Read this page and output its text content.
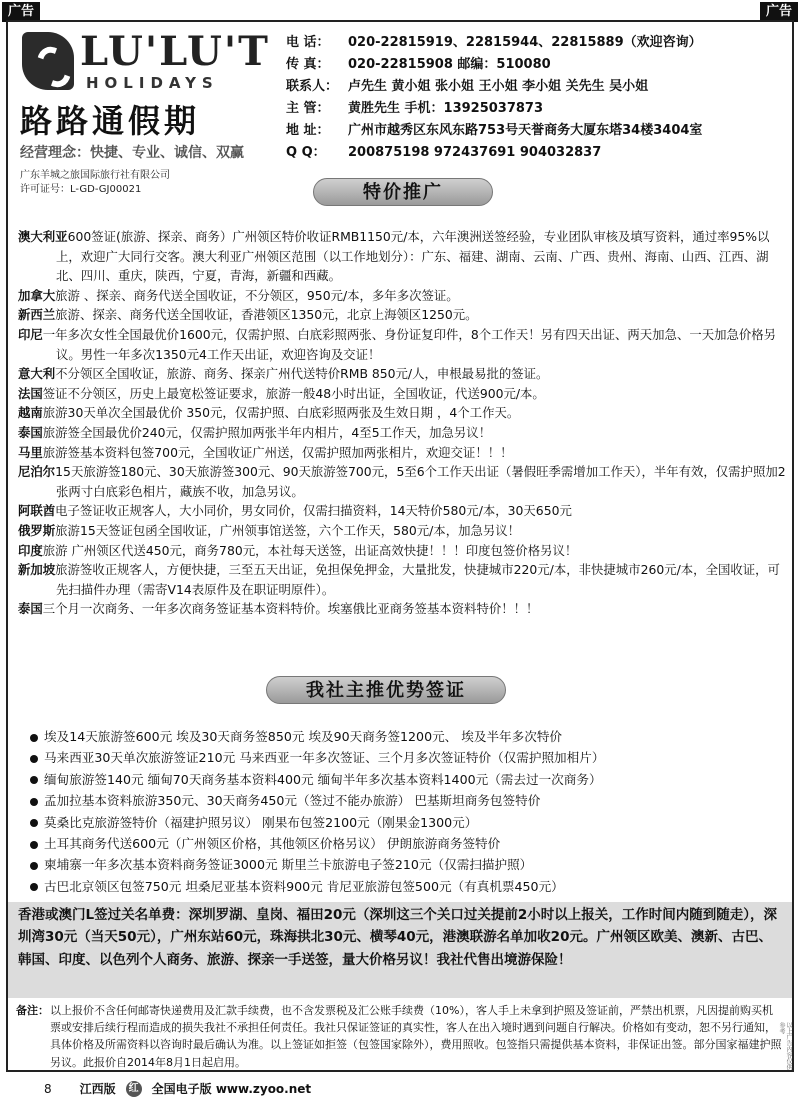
广告	广告
LU'LU'T
HOLIDAYS
路路通假期
经营理念：快捷、专业、诚信、双赢
广东羊城之旅国际旅行社有限公司
许可证号：L-GD-GJ00021
电 话：	020-22815919、22815944、22815889（欢迎咨询）
传 真：	020-22815908 邮编：510080
联系人： 卢先生 黄小姐 张小姐 王小姐 李小姐 关先生 吴小姐
主 管：	黄胜先生 手机：13925037873
地 址：	广州市越秀区东风东路753号天誉商务大厦东塔34楼3404室
Q Q：	200875198 972437691 904032837
特价推广

澳大利亚600签证(旅游、探亲、商务）广州领区特价收证RMB1150元/本，六年澳洲送签经验，专业团队审核及填写资料，通过率95%以上，欢迎广大同行交客。澳大利亚广州领区范围（以工作地划分）：广东、福建、湖南、云南、广西、贵州、海南、山西、江西、湖北、四川、重庆，陕西，宁夏，青海，新疆和西藏。

加拿大旅游 、探亲、商务代送全国收证，不分领区，950元/本，多年多次签证。

新西兰旅游、探亲、商务代送全国收证，香港领区1350元，北京上海领区1250元。

印尼一年多次女性全国最优价1600元，仅需护照、白底彩照两张、身份证复印件，8个工作天！另有四天出证、两天加急、一天加急价格另议。男性一年多次1350元4工作天出证，欢迎咨询及交证！

意大利不分领区全国收证，旅游、商务、探亲广州代送特价RMB 850元/人，申根最易批的签证。

法国签证不分领区，历史上最宽松签证要求，旅游一般48小时出证，全国收证，代送900元/本。

越南旅游30天单次全国最优价 350元，仅需护照、白底彩照两张及生效日期 ，4个工作天。

泰国旅游签全国最优价240元，仅需护照加两张半年内相片，4至5工作天，加急另议！

马里旅游签基本资料包签700元，全国收证广州送，仅需护照加两张相片，欢迎交证！！！

尼泊尔15天旅游签180元、30天旅游签300元、90天旅游签700元，5至6个工作天出证（暑假旺季需增加工作天），半年有效，仅需护照加2张两寸白底彩色相片，藏族不收，加急另议。

阿联酋电子签证收正规客人，大小同价，男女同价，仅需扫描资料，14天特价580元/本，30天650元

俄罗斯旅游15天签证包函全国收证，广州领事馆送签，六个工作天，580元/本，加急另议！

印度旅游 广州领区代送450元，商务780元，本社每天送签，出证高效快捷！！！印度包签价格另议！

新加坡旅游签收正规客人，方便快捷，三至五天出证，免担保免押金，大量批发，快捷城市220元/本，非快捷城市260元/本，全国收证，可先扫描件办理（需寄V14表原件及在职证明原件）。

泰国三个月一次商务、一年多次商务签证基本资料特价。埃塞俄比亚商务签基本资料特价！！！

我社主推优势签证

埃及14天旅游签600元 埃及30天商务签850元 埃及90天商务签1200元、 埃及半年多次特价

马来西亚30天单次旅游签证210元 马来西亚一年多次签证、三个月多次签证特价（仅需护照加相片）

缅甸旅游签140元 缅甸70天商务基本资料400元 缅甸半年多次基本资料1400元（需去过一次商务）

孟加拉基本资料旅游350元、30天商务450元（签过不能办旅游） 巴基斯坦商务包签特价

莫桑比克旅游签特价（福建护照另议） 刚果布包签2100元（刚果金1300元）

土耳其商务代送600元（广州领区价格，其他领区价格另议） 伊朗旅游商务签特价

柬埔寨一年多次基本资料商务签证3000元 斯里兰卡旅游电子签210元（仅需扫描护照）

古巴北京领区包签750元 坦桑尼亚基本资料900元 肯尼亚旅游包签500元（有真机票450元）

香港或澳门L签过关名单费：深圳罗湖、皇岗、福田20元（深圳这三个关口过关提前2小时以上报关，工作时间内随到随走），深圳湾30元（当天50元），广州东站60元，珠海拱北30元、横琴40元，港澳联游名单加收20元。广州领区欧美、澳新、古巴、韩国、印度、以色列个人商务、旅游、探亲一手送签，量大价格另议！我社代售出境游保险！

备注： 以上报价不含任何邮寄快递费用及汇款手续费，也不含发票税及汇公账手续费（10%），客人手上未拿到护照及签证前，严禁出机票，凡因提前购买机票或安排后续行程而造成的损失我社不承担任何责任。我社只保证签证的真实性，客人在出入境时遇到问题自行解决。价格如有变动，恕不另行通知，具体价格及所需资料以咨询时最后确认为准。以上签证如拒签（包签国家除外），费用照收。包签指只需提供基本资料，非保证出签。部分国家福建护照另议。此报价自2014年8月1日起启用。	以上广告内容仅供参考
8 江西版	红 全国电子版 www.zyoo.net
